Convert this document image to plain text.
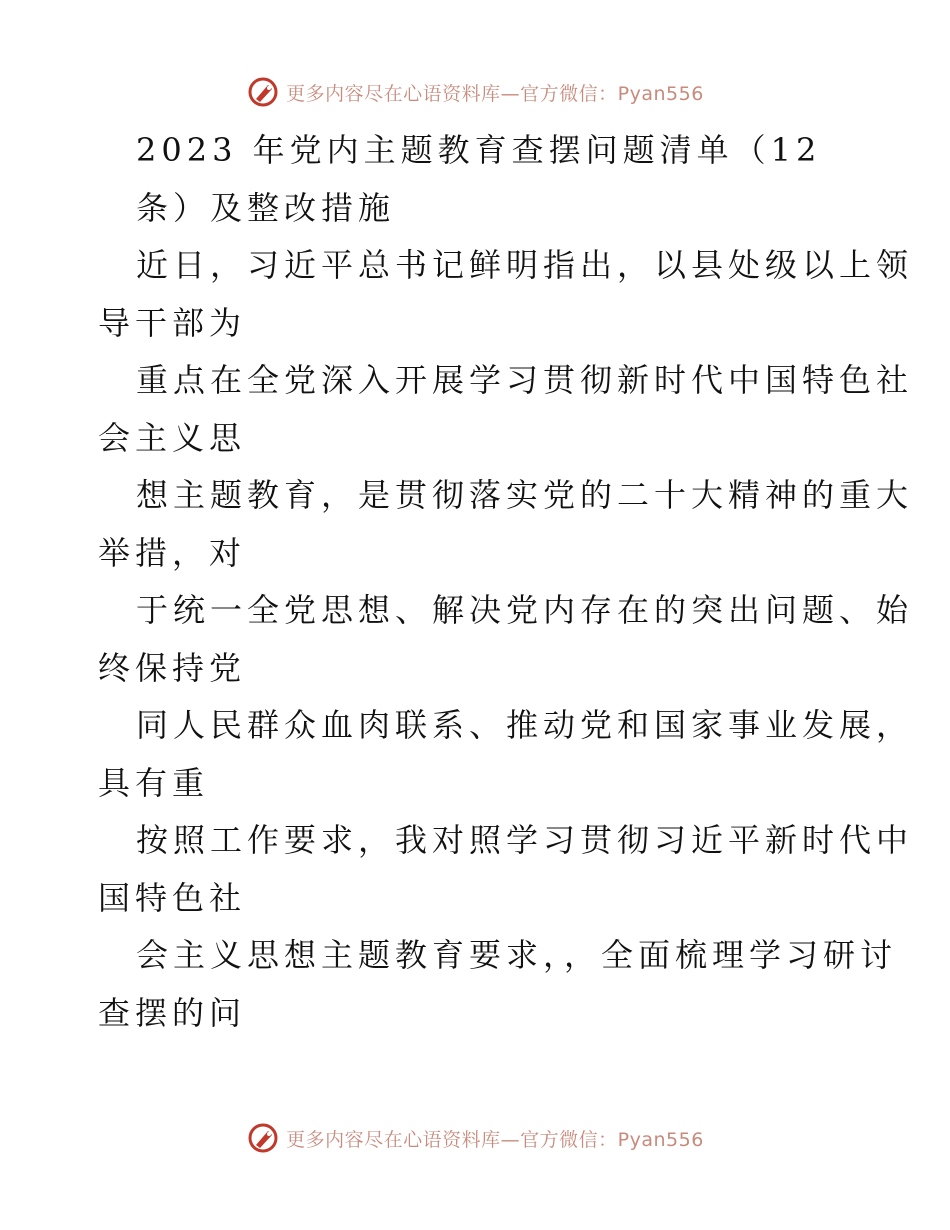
更多内容尽在心语资料库—官方微信：Pyan556
2023 年党内主题教育查摆问题清单（12
条）及整改措施
近日，习近平总书记鲜明指出，以县处级以上领
导干部为
重点在全党深入开展学习贯彻新时代中国特色社
会主义思
想主题教育，是贯彻落实党的二十大精神的重大
举措，对
于统一全党思想、解决党内存在的突出问题、始
终保持党
同人民群众血肉联系、推动党和国家事业发展，
具有重
按照工作要求，我对照学习贯彻习近平新时代中
国特色社
会主义思想主题教育要求，，全面梳理学习研讨
查摆的问
更多内容尽在心语资料库—官方微信：Pyan556
